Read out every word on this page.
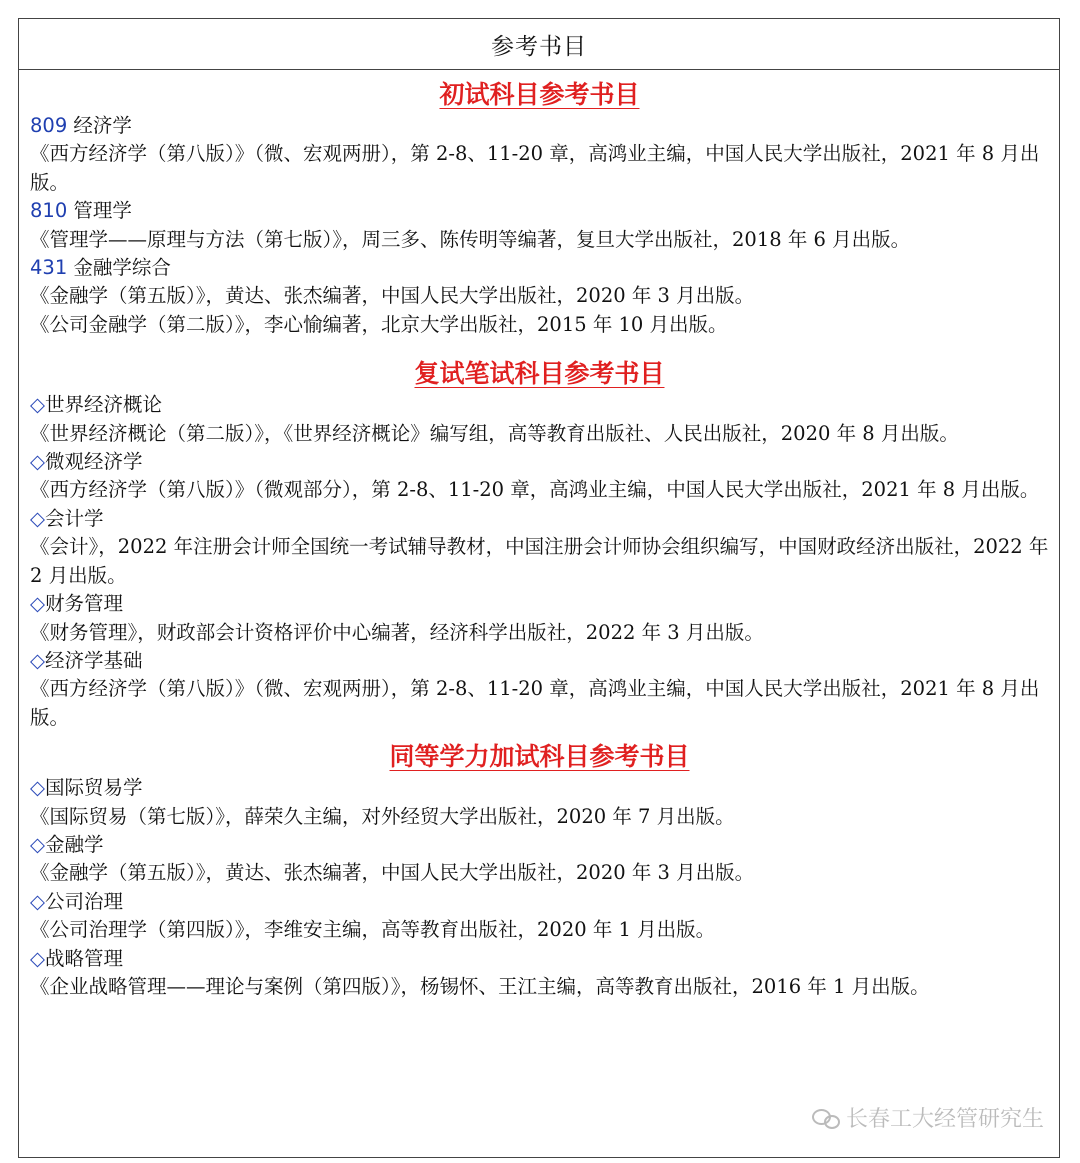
参考书目
初试科目参考书目
809 经济学
《西方经济学（第八版）》（微、宏观两册），第 2-8、11-20 章，高鸿业主编，中国人民大学出版社，2021 年 8 月出版。
810 管理学
《管理学——原理与方法（第七版）》，周三多、陈传明等编著，复旦大学出版社，2018 年 6 月出版。
431 金融学综合
《金融学（第五版）》，黄达、张杰编著，中国人民大学出版社，2020 年 3 月出版。
《公司金融学（第二版）》，李心愉编著，北京大学出版社，2015 年 10 月出版。
复试笔试科目参考书目
◇世界经济概论
《世界经济概论（第二版）》，《世界经济概论》编写组，高等教育出版社、人民出版社，2020 年 8 月出版。
◇微观经济学
《西方经济学（第八版）》（微观部分），第 2-8、11-20 章，高鸿业主编，中国人民大学出版社，2021 年 8 月出版。
◇会计学
《会计》，2022 年注册会计师全国统一考试辅导教材，中国注册会计师协会组织编写，中国财政经济出版社，2022 年 2 月出版。
◇财务管理
《财务管理》，财政部会计资格评价中心编著，经济科学出版社，2022 年 3 月出版。
◇经济学基础
《西方经济学（第八版）》（微、宏观两册），第 2-8、11-20 章，高鸿业主编，中国人民大学出版社，2021 年 8 月出版。
同等学力加试科目参考书目
◇国际贸易学
《国际贸易（第七版）》，薛荣久主编，对外经贸大学出版社，2020 年 7 月出版。
◇金融学
《金融学（第五版）》，黄达、张杰编著，中国人民大学出版社，2020 年 3 月出版。
◇公司治理
《公司治理学（第四版）》，李维安主编，高等教育出版社，2020 年 1 月出版。
◇战略管理
《企业战略管理——理论与案例（第四版）》，杨锡怀、王江主编，高等教育出版社，2016 年 1 月出版。
长春工大经管研究生
